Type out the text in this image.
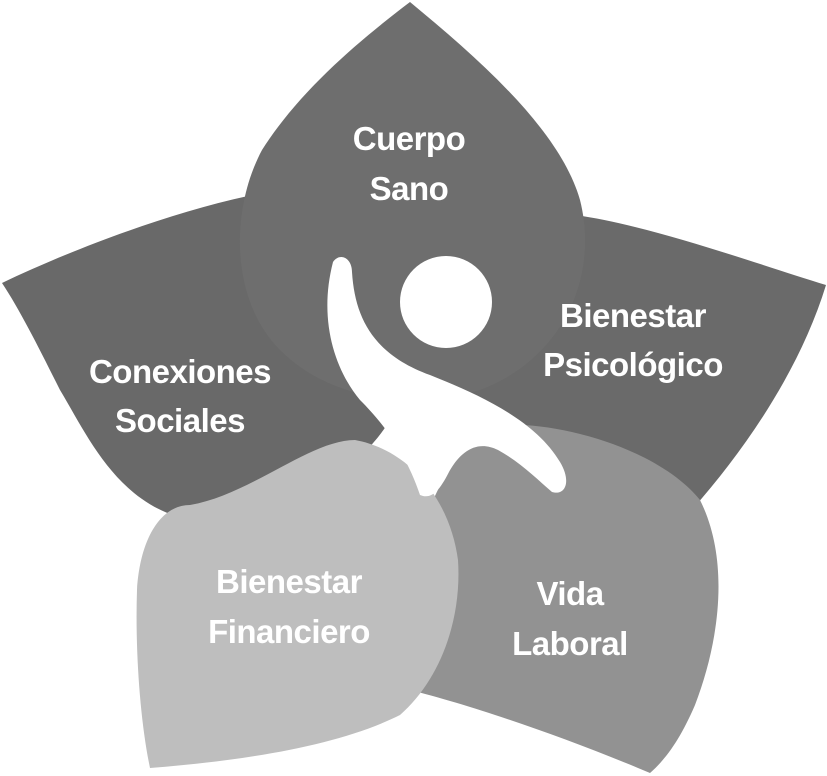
Cuerpo
Sano
Bienestar
Psicológico
Conexiones
Sociales
Bienestar
Financiero
Vida
Laboral
